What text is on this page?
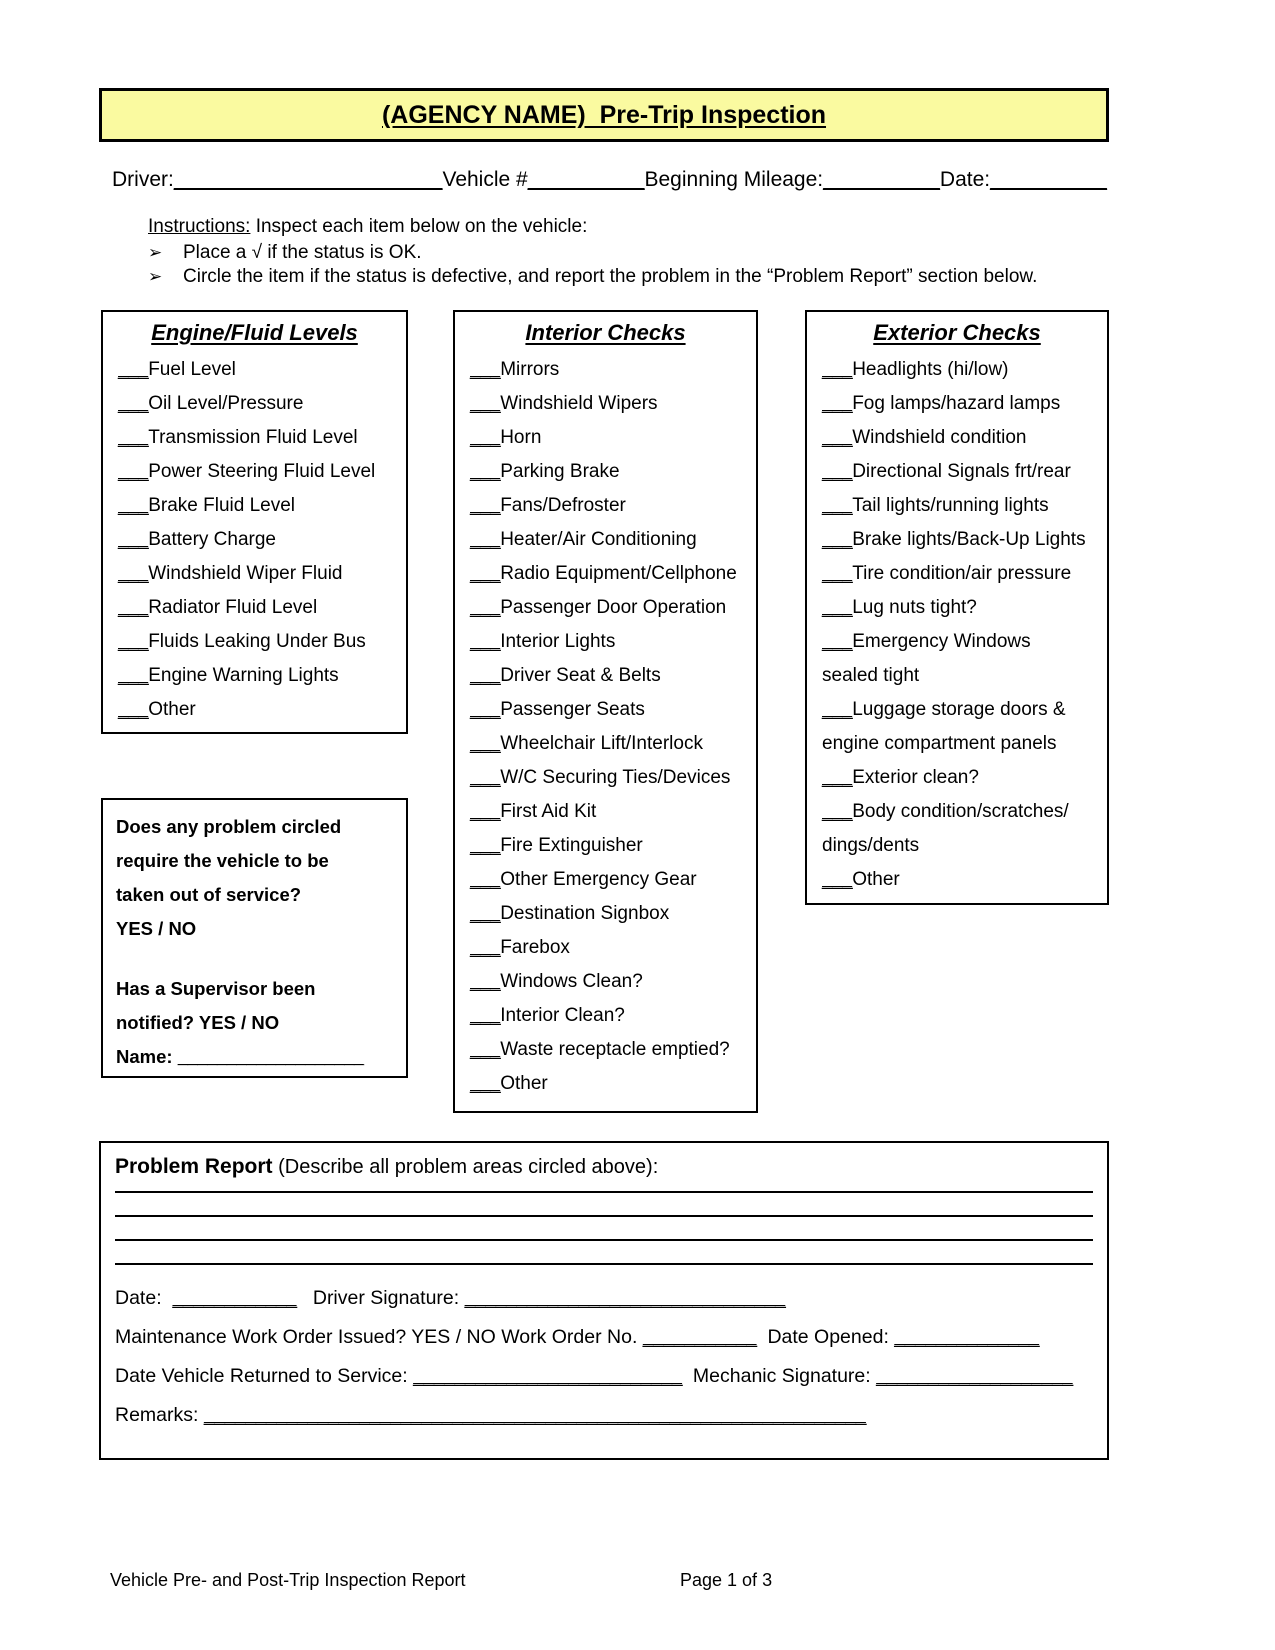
(AGENCY NAME)  Pre-Trip Inspection
Driver:_______________________Vehicle #__________Beginning Mileage:__________Date:__________
Instructions: Inspect each item below on the vehicle:
➢	Place a √ if the status is OK.
➢	Circle the item if the status is defective, and report the problem in the “Problem Report” section below.
Engine/Fluid Levels
___Fuel Level
___Oil Level/Pressure
___Transmission Fluid Level
___Power Steering Fluid Level
___Brake Fluid Level
___Battery Charge
___Windshield Wiper Fluid
___Radiator Fluid Level
___Fluids Leaking Under Bus
___Engine Warning Lights
___Other
Interior Checks
___Mirrors
___Windshield Wipers
___Horn
___Parking Brake
___Fans/Defroster
___Heater/Air Conditioning
___Radio Equipment/Cellphone
___Passenger Door Operation
___Interior Lights
___Driver Seat & Belts
___Passenger Seats
___Wheelchair Lift/Interlock
___W/C Securing Ties/Devices
___First Aid Kit
___Fire Extinguisher
___Other Emergency Gear
___Destination Signbox
___Farebox
___Windows Clean?
___Interior Clean?
___Waste receptacle emptied?
___Other
Exterior Checks
___Headlights (hi/low)
___Fog lamps/hazard lamps
___Windshield condition
___Directional Signals frt/rear
___Tail lights/running lights
___Brake lights/Back-Up Lights
___Tire condition/air pressure
___Lug nuts tight?
___Emergency Windows
sealed tight
___Luggage storage doors &
engine compartment panels
___Exterior clean?
___Body condition/scratches/
dings/dents
___Other
Does any problem circled
require the vehicle to be
taken out of service?
YES / NO
Has a Supervisor been
notified? YES / NO
Name: ___________________
Problem Report (Describe all problem areas circled above):
Date: ____________ Driver Signature: _______________________________
Maintenance Work Order Issued? YES / NO Work Order No. ___________ Date Opened: ______________
Date Vehicle Returned to Service: __________________________ Mechanic Signature: ___________________
Remarks: ________________________________________________________________
Vehicle Pre- and Post-Trip Inspection Report	Page 1 of 3
